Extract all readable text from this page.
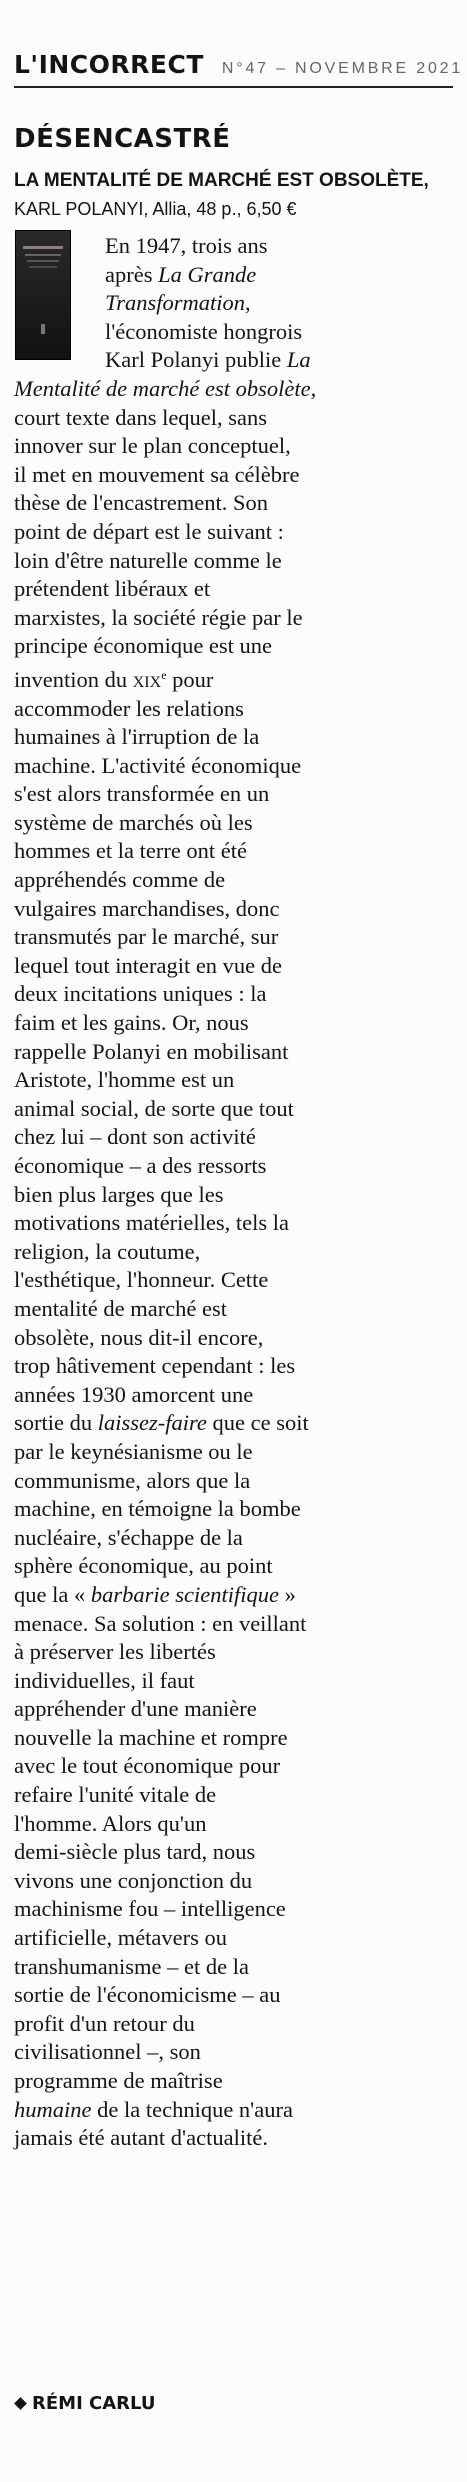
L'INCORRECT N°47 – NOVEMBRE 2021
DÉSENCASTRÉ
LA MENTALITÉ DE MARCHÉ EST OBSOLÈTE, KARL POLANYI, Allia, 48 p., 6,50 €
En 1947, trois ans
après La Grande
Transformation,
l'économiste hongrois
Karl Polanyi publie La
Mentalité de marché est obsolète,
court texte dans lequel, sans
innover sur le plan conceptuel,
il met en mouvement sa célèbre
thèse de l'encastrement. Son
point de départ est le suivant :
loin d'être naturelle comme le
prétendent libéraux et
marxistes, la société régie par le
principe économique est une
invention du xix$^e$ pour
accommoder les relations
humaines à l'irruption de la
machine. L'activité économique
s'est alors transformée en un
système de marchés où les
hommes et la terre ont été
appréhendés comme de
vulgaires marchandises, donc
transmutés par le marché, sur
lequel tout interagit en vue de
deux incitations uniques : la
faim et les gains. Or, nous
rappelle Polanyi en mobilisant
Aristote, l'homme est un
animal social, de sorte que tout
chez lui – dont son activité
économique – a des ressorts
bien plus larges que les
motivations matérielles, tels la
religion, la coutume,
l'esthétique, l'honneur. Cette
mentalité de marché est
obsolète, nous dit-il encore,
trop hâtivement cependant : les
années 1930 amorcent une
sortie du laissez-faire que ce soit
par le keynésianisme ou le
communisme, alors que la
machine, en témoigne la bombe
nucléaire, s'échappe de la
sphère économique, au point
que la « barbarie scientifique »
menace. Sa solution : en veillant
à préserver les libertés
individuelles, il faut
appréhender d'une manière
nouvelle la machine et rompre
avec le tout économique pour
refaire l'unité vitale de
l'homme. Alors qu'un
demi-siècle plus tard, nous
vivons une conjonction du
machinisme fou – intelligence
artificielle, métavers ou
transhumanisme – et de la
sortie de l'économicisme – au
profit d'un retour du
civilisationnel –, son
programme de maîtrise
humaine de la technique n'aura
jamais été autant d'actualité.
RÉMI CARLU
